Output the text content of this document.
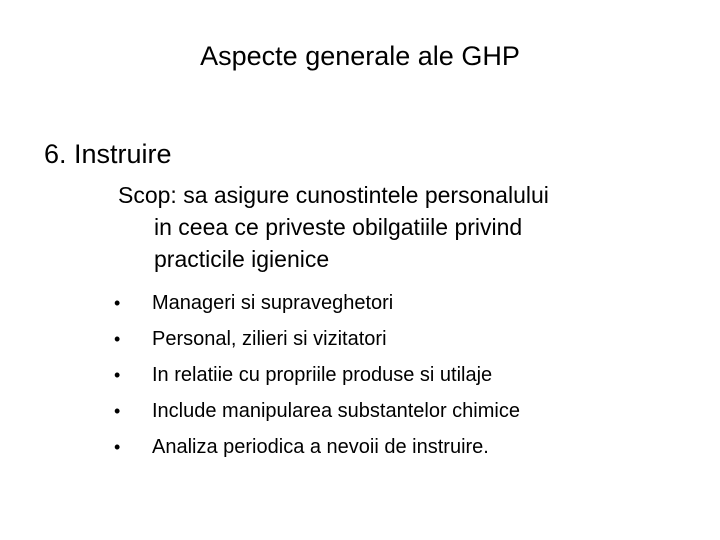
Aspecte generale ale GHP
6. Instruire
Scop: sa asigure cunostintele personalului
in ceea ce priveste obilgatiile privind
practicile igienice
•	Manageri si supraveghetori
•	Personal, zilieri si vizitatori
•	In relatiie cu propriile produse si utilaje
•	Include manipularea substantelor chimice
•	Analiza periodica a nevoii de instruire.
